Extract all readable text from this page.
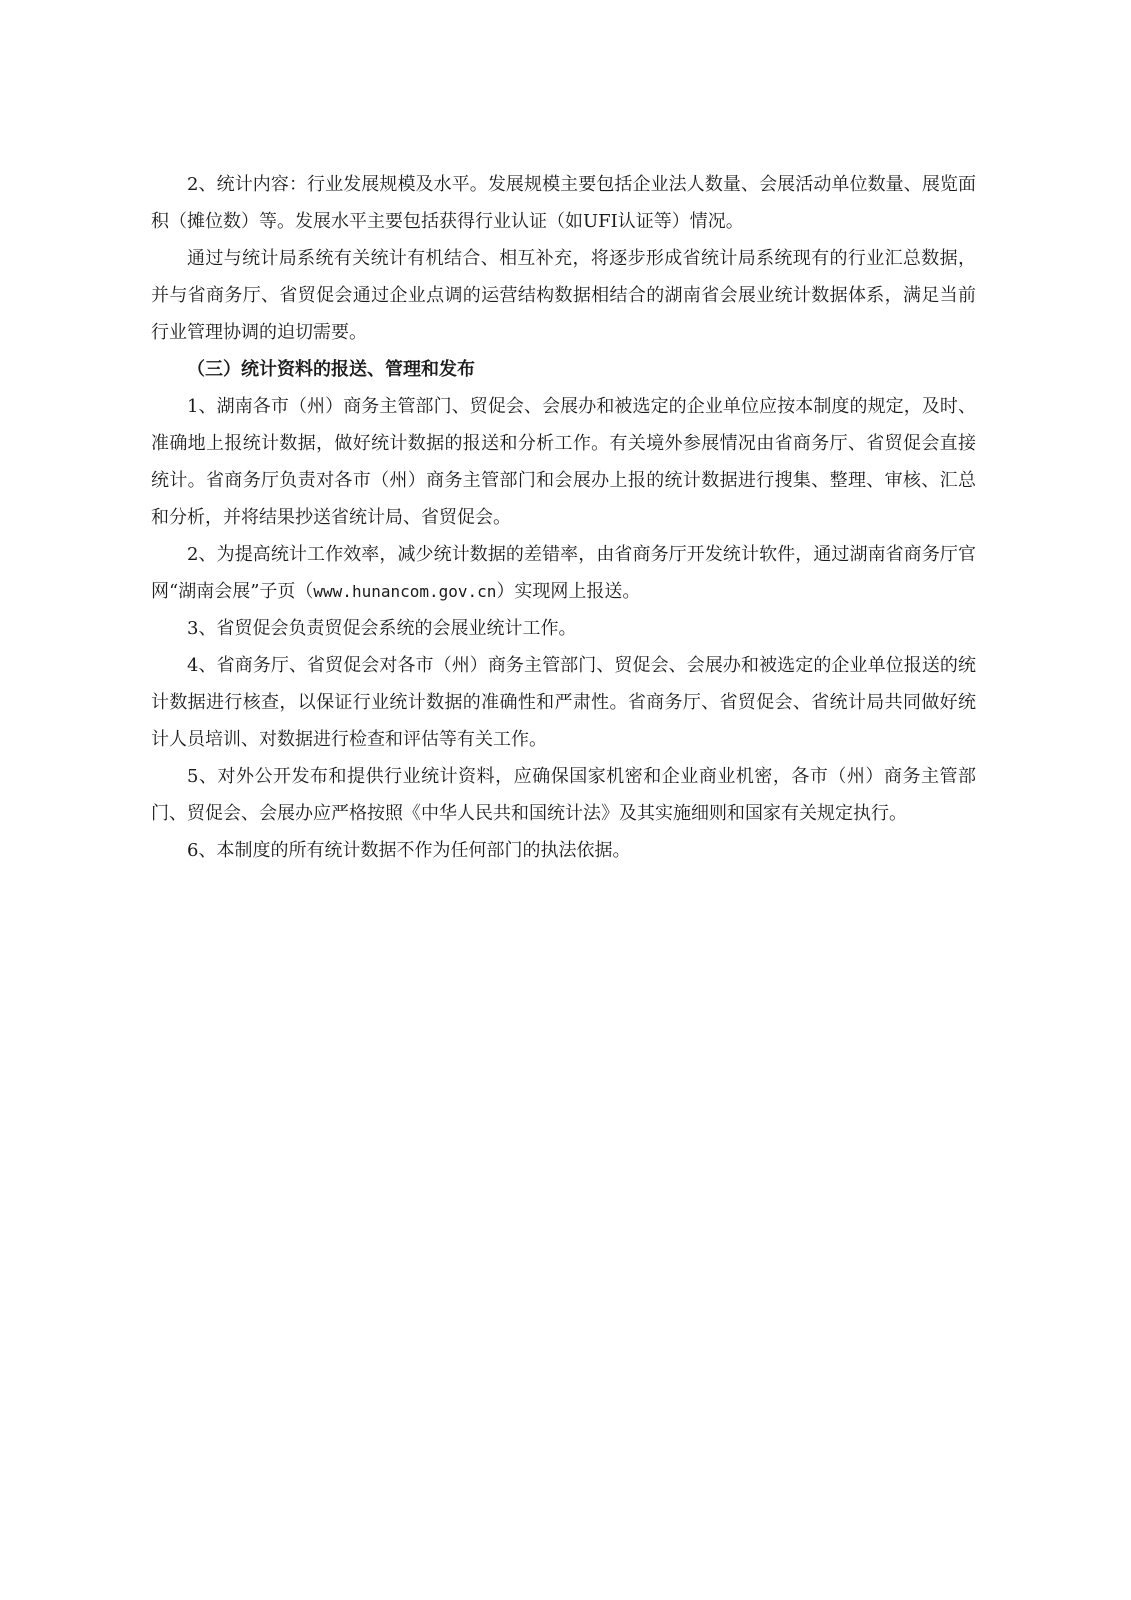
2、统计内容：行业发展规模及水平。发展规模主要包括企业法人数量、会展活动单位数量、展览面积（摊位数）等。发展水平主要包括获得行业认证（如UFI认证等）情况。

通过与统计局系统有关统计有机结合、相互补充，将逐步形成省统计局系统现有的行业汇总数据，并与省商务厅、省贸促会通过企业点调的运营结构数据相结合的湖南省会展业统计数据体系，满足当前行业管理协调的迫切需要。

（三）统计资料的报送、管理和发布

1、湖南各市（州）商务主管部门、贸促会、会展办和被选定的企业单位应按本制度的规定，及时、准确地上报统计数据，做好统计数据的报送和分析工作。有关境外参展情况由省商务厅、省贸促会直接统计。省商务厅负责对各市（州）商务主管部门和会展办上报的统计数据进行搜集、整理、审核、汇总和分析，并将结果抄送省统计局、省贸促会。

2、为提高统计工作效率，减少统计数据的差错率，由省商务厅开发统计软件，通过湖南省商务厅官网“湖南会展”子页（www.hunancom.gov.cn）实现网上报送。

3、省贸促会负责贸促会系统的会展业统计工作。

4、省商务厅、省贸促会对各市（州）商务主管部门、贸促会、会展办和被选定的企业单位报送的统计数据进行核查，以保证行业统计数据的准确性和严肃性。省商务厅、省贸促会、省统计局共同做好统计人员培训、对数据进行检查和评估等有关工作。

5、对外公开发布和提供行业统计资料，应确保国家机密和企业商业机密，各市（州）商务主管部门、贸促会、会展办应严格按照《中华人民共和国统计法》及其实施细则和国家有关规定执行。

6、本制度的所有统计数据不作为任何部门的执法依据。
